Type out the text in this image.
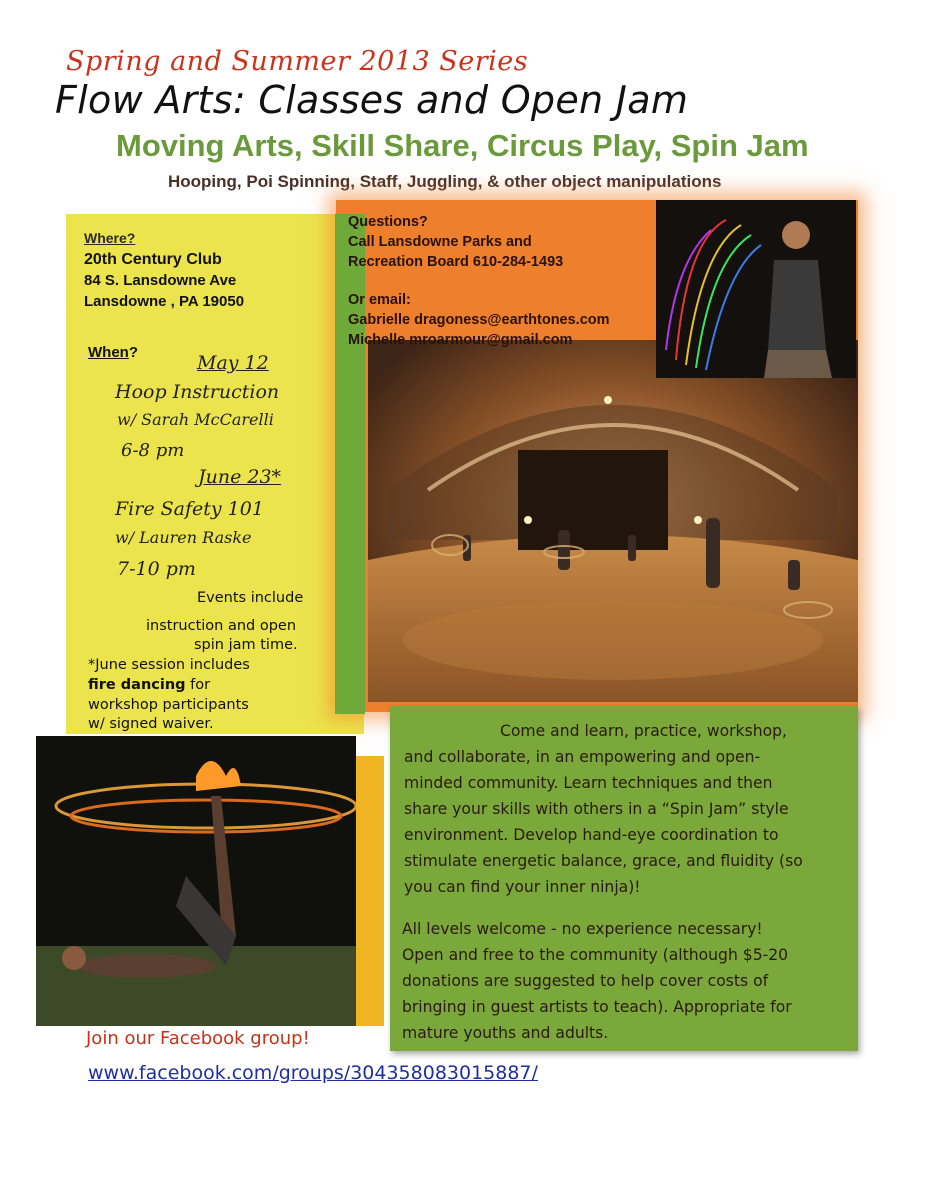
Spring and Summer 2013 Series
Flow Arts: Classes and Open Jam
Moving Arts, Skill Share, Circus Play, Spin Jam
Hooping, Poi Spinning, Staff, Juggling, & other object manipulations
Where?
20th Century Club
84 S. Lansdowne Ave
Lansdowne , PA 19050
When?	May 12
Hoop Instruction
w/ Sarah McCarelli
6-8 pm
June 23*
Fire Safety 101
w/ Lauren Raske
7-10 pm
Events include
instruction and open
spin jam time.
*June session includes
fire dancing for
workshop participants
w/ signed waiver.
Questions?
Call Lansdowne Parks and
Recreation Board 610-284-1493
Or email:
Gabrielle dragoness@earthtones.com
Michelle mroarmour@gmail.com
Come and learn, practice, workshop,
and collaborate, in an empowering and open-
minded community. Learn techniques and then
share your skills with others in a “Spin Jam” style
environment. Develop hand-eye coordination to
stimulate energetic balance, grace, and fluidity (so
you can find your inner ninja)!
All levels welcome - no experience necessary!
Open and free to the community (although $5-20
donations are suggested to help cover costs of
bringing in guest artists to teach). Appropriate for
mature youths and adults.
Join our Facebook group!
www.facebook.com/groups/304358083015887/
